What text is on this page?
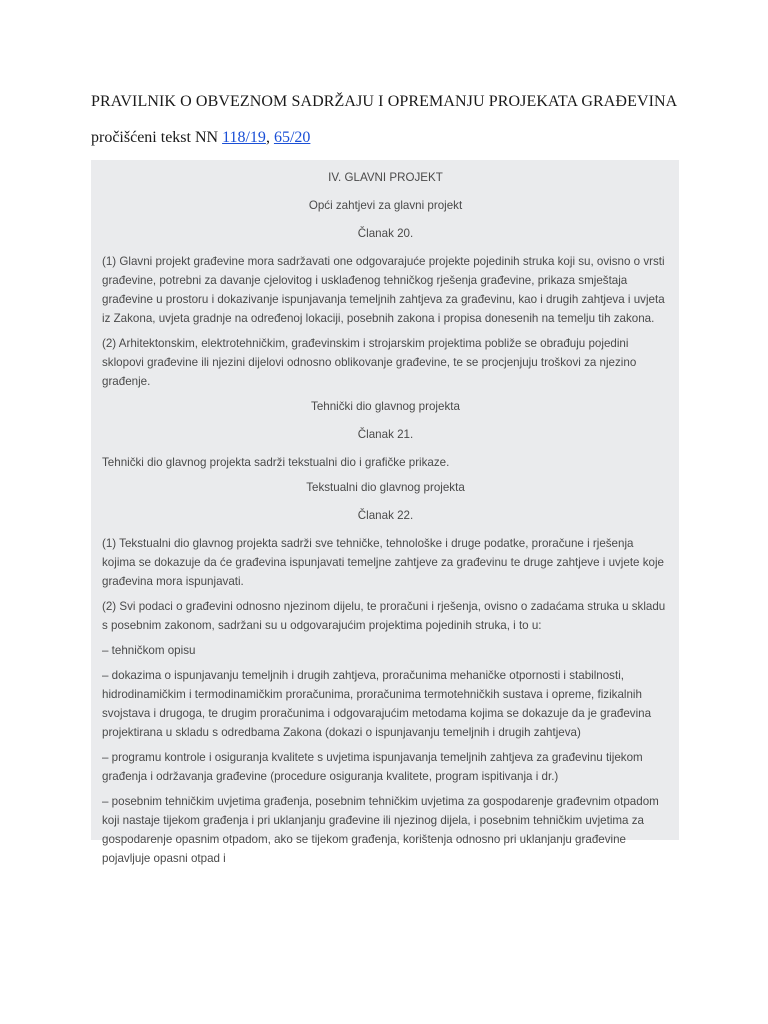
PRAVILNIK O OBVEZNOM SADRŽAJU I OPREMANJU PROJEKATA GRAĐEVINA
pročišćeni tekst NN 118/19, 65/20

IV. GLAVNI PROJEKT

Opći zahtjevi za glavni projekt

Članak 20.

(1) Glavni projekt građevine mora sadržavati one odgovarajuće projekte pojedinih struka koji su, ovisno o vrsti građevine, potrebni za davanje cjelovitog i usklađenog tehničkog rješenja građevine, prikaza smještaja građevine u prostoru i dokazivanje ispunjavanja temeljnih zahtjeva za građevinu, kao i drugih zahtjeva i uvjeta iz Zakona, uvjeta gradnje na određenoj lokaciji, posebnih zakona i propisa donesenih na temelju tih zakona.

(2) Arhitektonskim, elektrotehničkim, građevinskim i strojarskim projektima pobliže se obrađuju pojedini sklopovi građevine ili njezini dijelovi odnosno oblikovanje građevine, te se procjenjuju troškovi za njezino građenje.

Tehnički dio glavnog projekta

Članak 21.

Tehnički dio glavnog projekta sadrži tekstualni dio i grafičke prikaze.

Tekstualni dio glavnog projekta

Članak 22.

(1) Tekstualni dio glavnog projekta sadrži sve tehničke, tehnološke i druge podatke, proračune i rješenja kojima se dokazuje da će građevina ispunjavati temeljne zahtjeve za građevinu te druge zahtjeve i uvjete koje građevina mora ispunjavati.

(2) Svi podaci o građevini odnosno njezinom dijelu, te proračuni i rješenja, ovisno o zadaćama struka u skladu s posebnim zakonom, sadržani su u odgovarajućim projektima pojedinih struka, i to u:

– tehničkom opisu

– dokazima o ispunjavanju temeljnih i drugih zahtjeva, proračunima mehaničke otpornosti i stabilnosti, hidrodinamičkim i termodinamičkim proračunima, proračunima termotehničkih sustava i opreme, fizikalnih svojstava i drugoga, te drugim proračunima i odgovarajućim metodama kojima se dokazuje da je građevina projektirana u skladu s odredbama Zakona (dokazi o ispunjavanju temeljnih i drugih zahtjeva)

– programu kontrole i osiguranja kvalitete s uvjetima ispunjavanja temeljnih zahtjeva za građevinu tijekom građenja i održavanja građevine (procedure osiguranja kvalitete, program ispitivanja i dr.)

– posebnim tehničkim uvjetima građenja, posebnim tehničkim uvjetima za gospodarenje građevnim otpadom koji nastaje tijekom građenja i pri uklanjanju građevine ili njezinog dijela, i posebnim tehničkim uvjetima za gospodarenje opasnim otpadom, ako se tijekom građenja, korištenja odnosno pri uklanjanju građevine pojavljuje opasni otpad i
